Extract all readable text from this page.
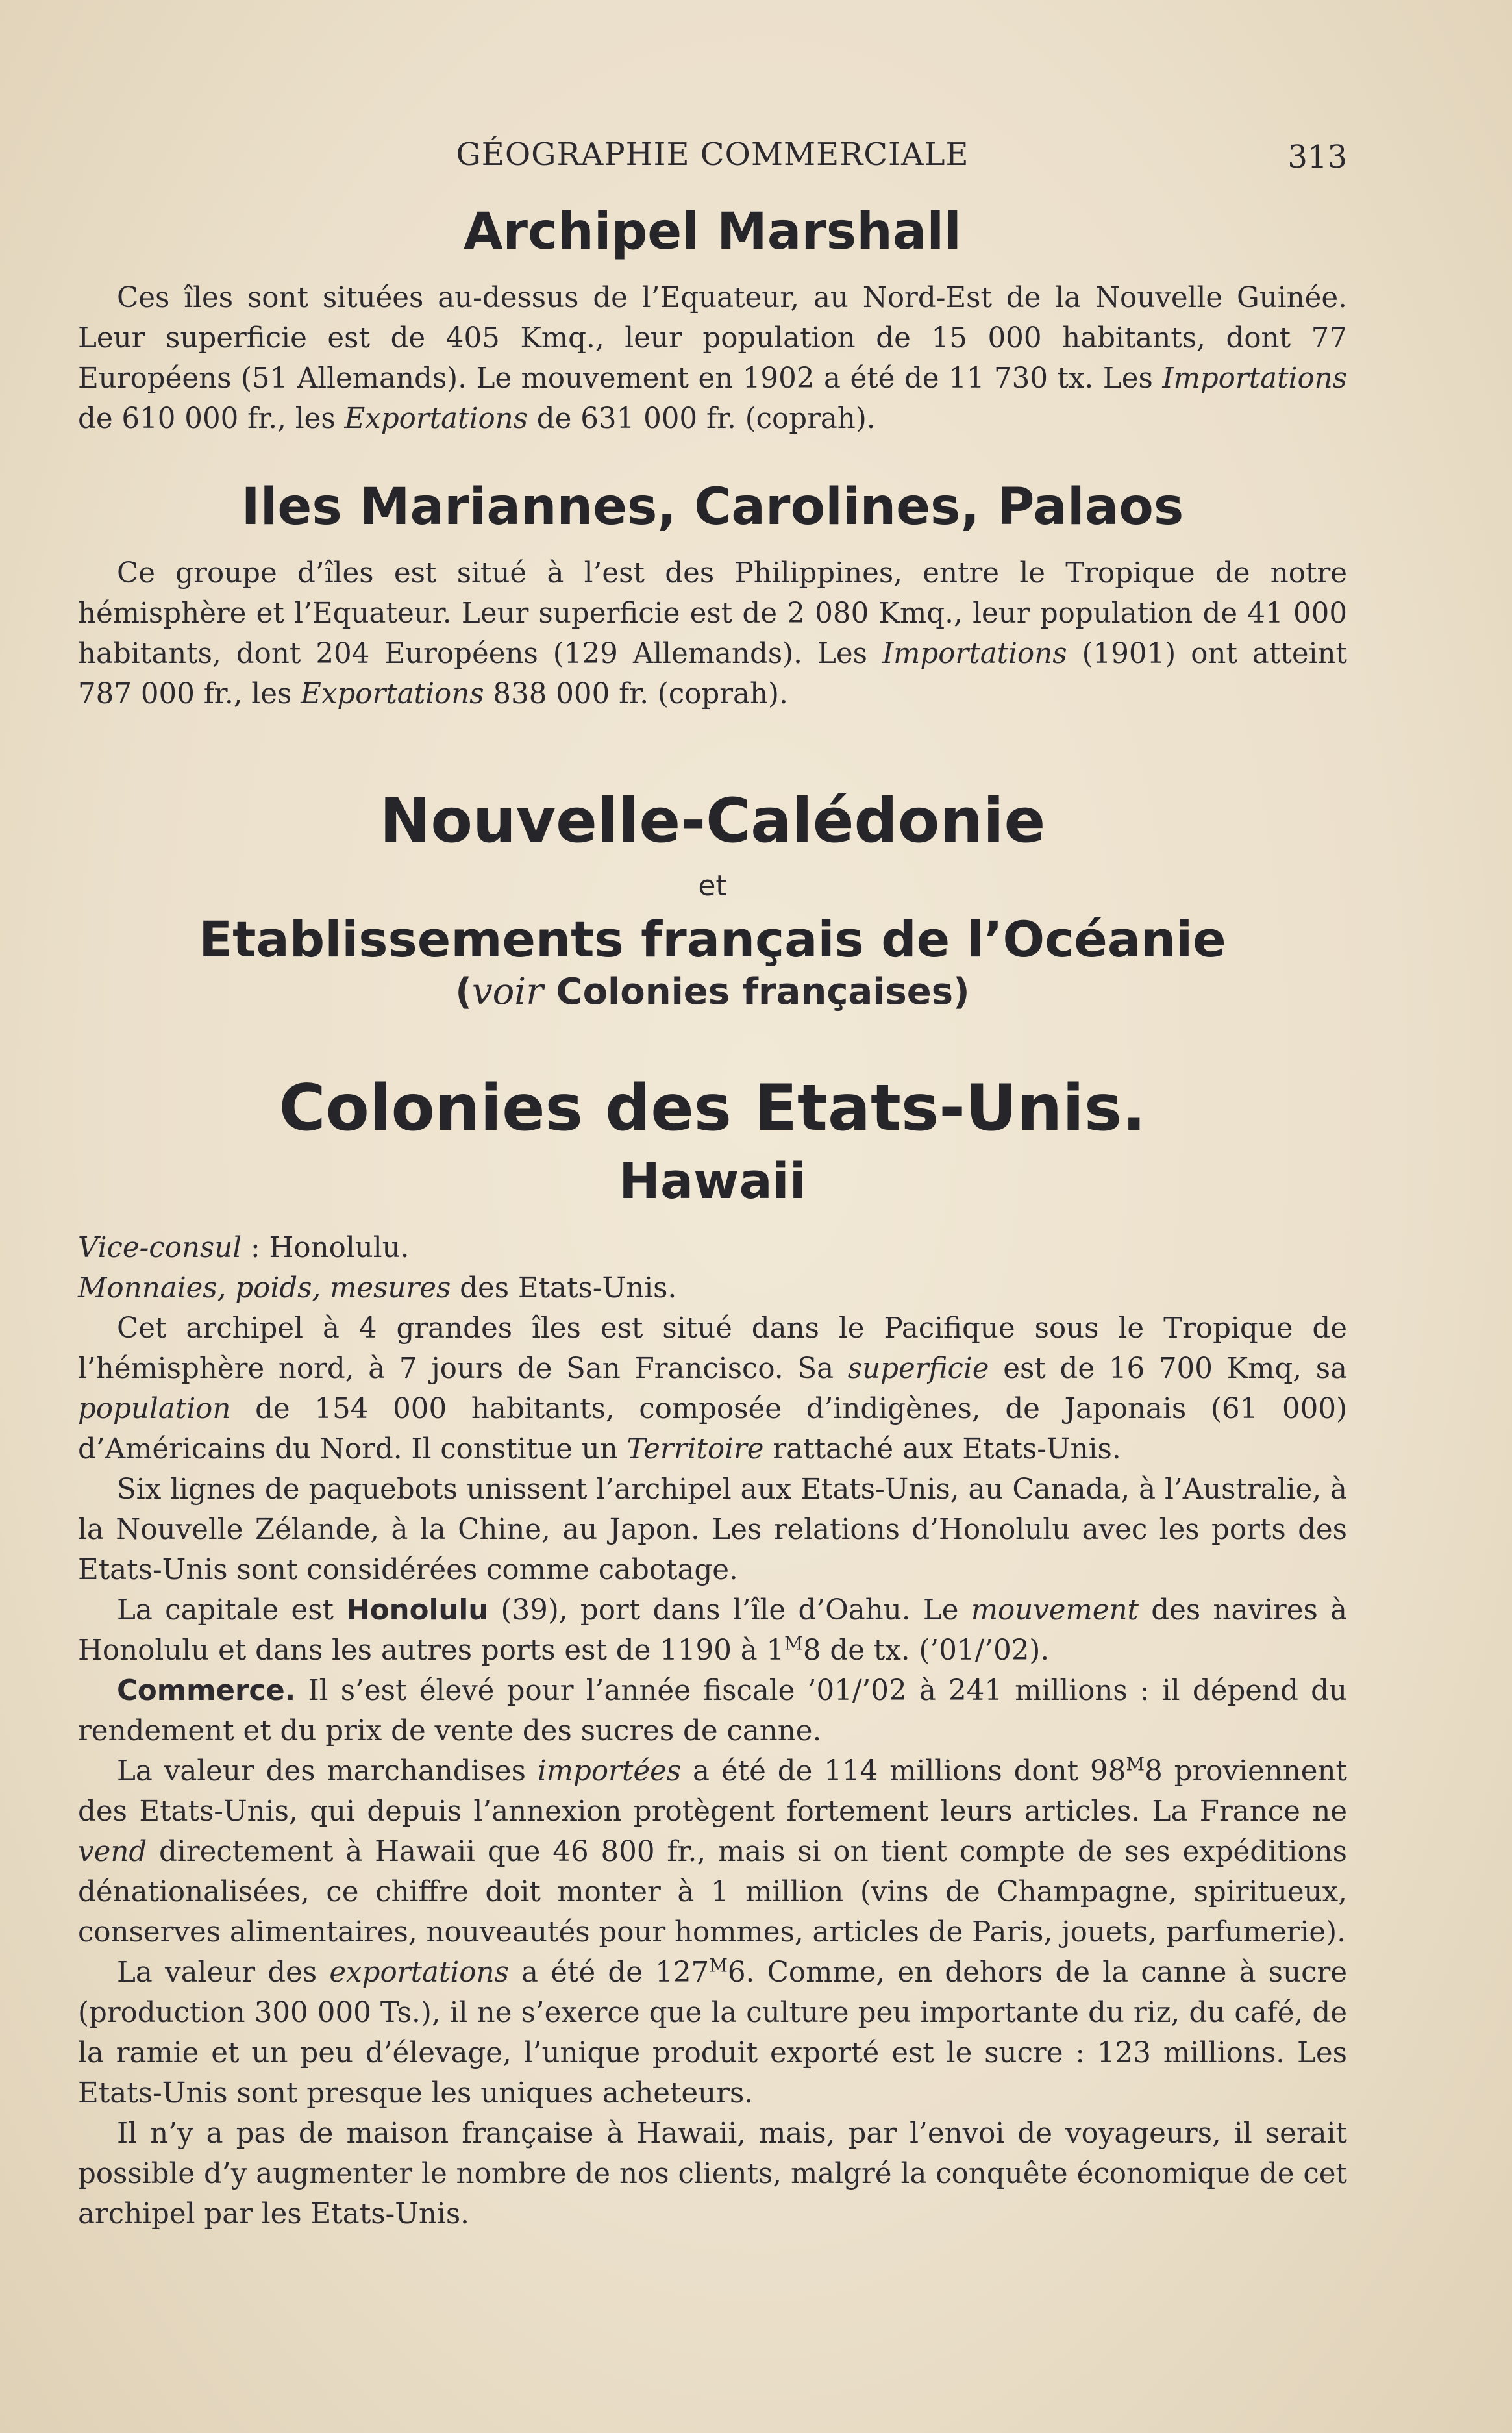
GÉOGRAPHIE COMMERCIALE	313
Archipel Marshall

Ces îles sont situées au-dessus de l’Equateur, au Nord-Est de la Nouvelle Guinée. Leur superficie est de 405 Kmq., leur population de 15 000 habitants, dont 77 Européens (51 Allemands). Le mouvement en 1902 a été de 11 730 tx. Les Importations de 610 000 fr., les Exportations de 631 000 fr. (coprah).

Iles Mariannes, Carolines, Palaos

Ce groupe d’îles est situé à l’est des Philippines, entre le Tropique de notre hémisphère et l’Equateur. Leur superficie est de 2 080 Kmq., leur population de 41 000 habitants, dont 204 Européens (129 Allemands). Les Importations (1901) ont atteint 787 000 fr., les Exportations 838 000 fr. (coprah).

Nouvelle-Calédonie
et
Etablissements français de l’Océanie
(voir Colonies françaises)
Colonies des Etats-Unis.
Hawaii

Vice-consul : Honolulu.

Monnaies, poids, mesures des Etats-Unis.

Cet archipel à 4 grandes îles est situé dans le Pacifique sous le Tropique de l’hémisphère nord, à 7 jours de San Francisco. Sa superficie est de 16 700 Kmq, sa population de 154 000 habitants, composée d’indigènes, de Japonais (61 000) d’Américains du Nord. Il constitue un Territoire rattaché aux Etats-Unis.

Six lignes de paquebots unissent l’archipel aux Etats-Unis, au Canada, à l’Australie, à la Nouvelle Zélande, à la Chine, au Japon. Les relations d’Honolulu avec les ports des Etats-Unis sont considérées comme cabotage.

La capitale est Honolulu (39), port dans l’île d’Oahu. Le mouvement des navires à Honolulu et dans les autres ports est de 1190 à $1^M8$ de tx. (’01/’02).

Commerce. Il s’est élevé pour l’année fiscale ’01/’02 à 241 millions : il dépend du rendement et du prix de vente des sucres de canne.

La valeur des marchandises importées a été de 114 millions dont $98^M8$ proviennent des Etats-Unis, qui depuis l’annexion protègent fortement leurs articles. La France ne vend directement à Hawaii que 46 800 fr., mais si on tient compte de ses expéditions dénationalisées, ce chiffre doit monter à 1 million (vins de Champagne, spiritueux, conserves alimentaires, nouveautés pour hommes, articles de Paris, jouets, parfumerie).

La valeur des exportations a été de $127^M6$. Comme, en dehors de la canne à sucre (production 300 000 Ts.), il ne s’exerce que la culture peu importante du riz, du café, de la ramie et un peu d’élevage, l’unique produit exporté est le sucre : 123 millions. Les Etats-Unis sont presque les uniques acheteurs.

Il n’y a pas de maison française à Hawaii, mais, par l’envoi de voyageurs, il serait possible d’y augmenter le nombre de nos clients, malgré la conquête économique de cet archipel par les Etats-Unis.
